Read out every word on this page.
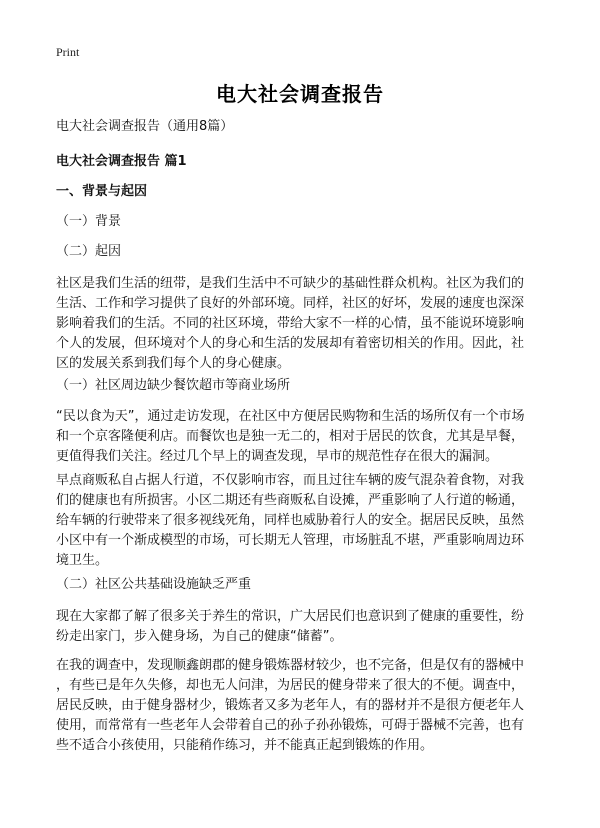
Print
电大社会调查报告
电大社会调查报告（通用8篇）
电大社会调查报告 篇1
一、背景与起因
（一）背景
（二）起因
社区是我们生活的纽带，是我们生活中不可缺少的基础性群众机构。社区为我们的
生活、工作和学习提供了良好的外部环境。同样，社区的好坏，发展的速度也深深
影响着我们的生活。不同的社区环境，带给大家不一样的心情，虽不能说环境影响
个人的发展，但环境对个人的身心和生活的发展却有着密切相关的作用。因此，社
区的发展关系到我们每个人的身心健康。
（一）社区周边缺少餐饮超市等商业场所
“民以食为天”，通过走访发现，在社区中方便居民购物和生活的场所仅有一个市场
和一个京客隆便利店。而餐饮也是独一无二的，相对于居民的饮食，尤其是早餐，
更值得我们关注。经过几个早上的调查发现，早市的规范性存在很大的漏洞。
早点商贩私自占据人行道，不仅影响市容，而且过往车辆的废气混杂着食物，对我
们的健康也有所损害。小区二期还有些商贩私自设摊，严重影响了人行道的畅通，
给车辆的行驶带来了很多视线死角，同样也威胁着行人的安全。据居民反映，虽然
小区中有一个渐成模型的市场，可长期无人管理，市场脏乱不堪，严重影响周边环
境卫生。
（二）社区公共基础设施缺乏严重
现在大家都了解了很多关于养生的常识，广大居民们也意识到了健康的重要性，纷
纷走出家门，步入健身场，为自己的健康“储蓄”。
在我的调查中，发现顺鑫朗郡的健身锻炼器材较少，也不完备，但是仅有的器械中
，有些已是年久失修，却也无人问津，为居民的健身带来了很大的不便。调查中，
居民反映，由于健身器材少，锻炼者又多为老年人，有的器材并不是很方便老年人
使用，而常常有一些老年人会带着自己的孙子孙孙锻炼，可碍于器械不完善，也有
些不适合小孩使用，只能稍作练习，并不能真正起到锻炼的作用。
